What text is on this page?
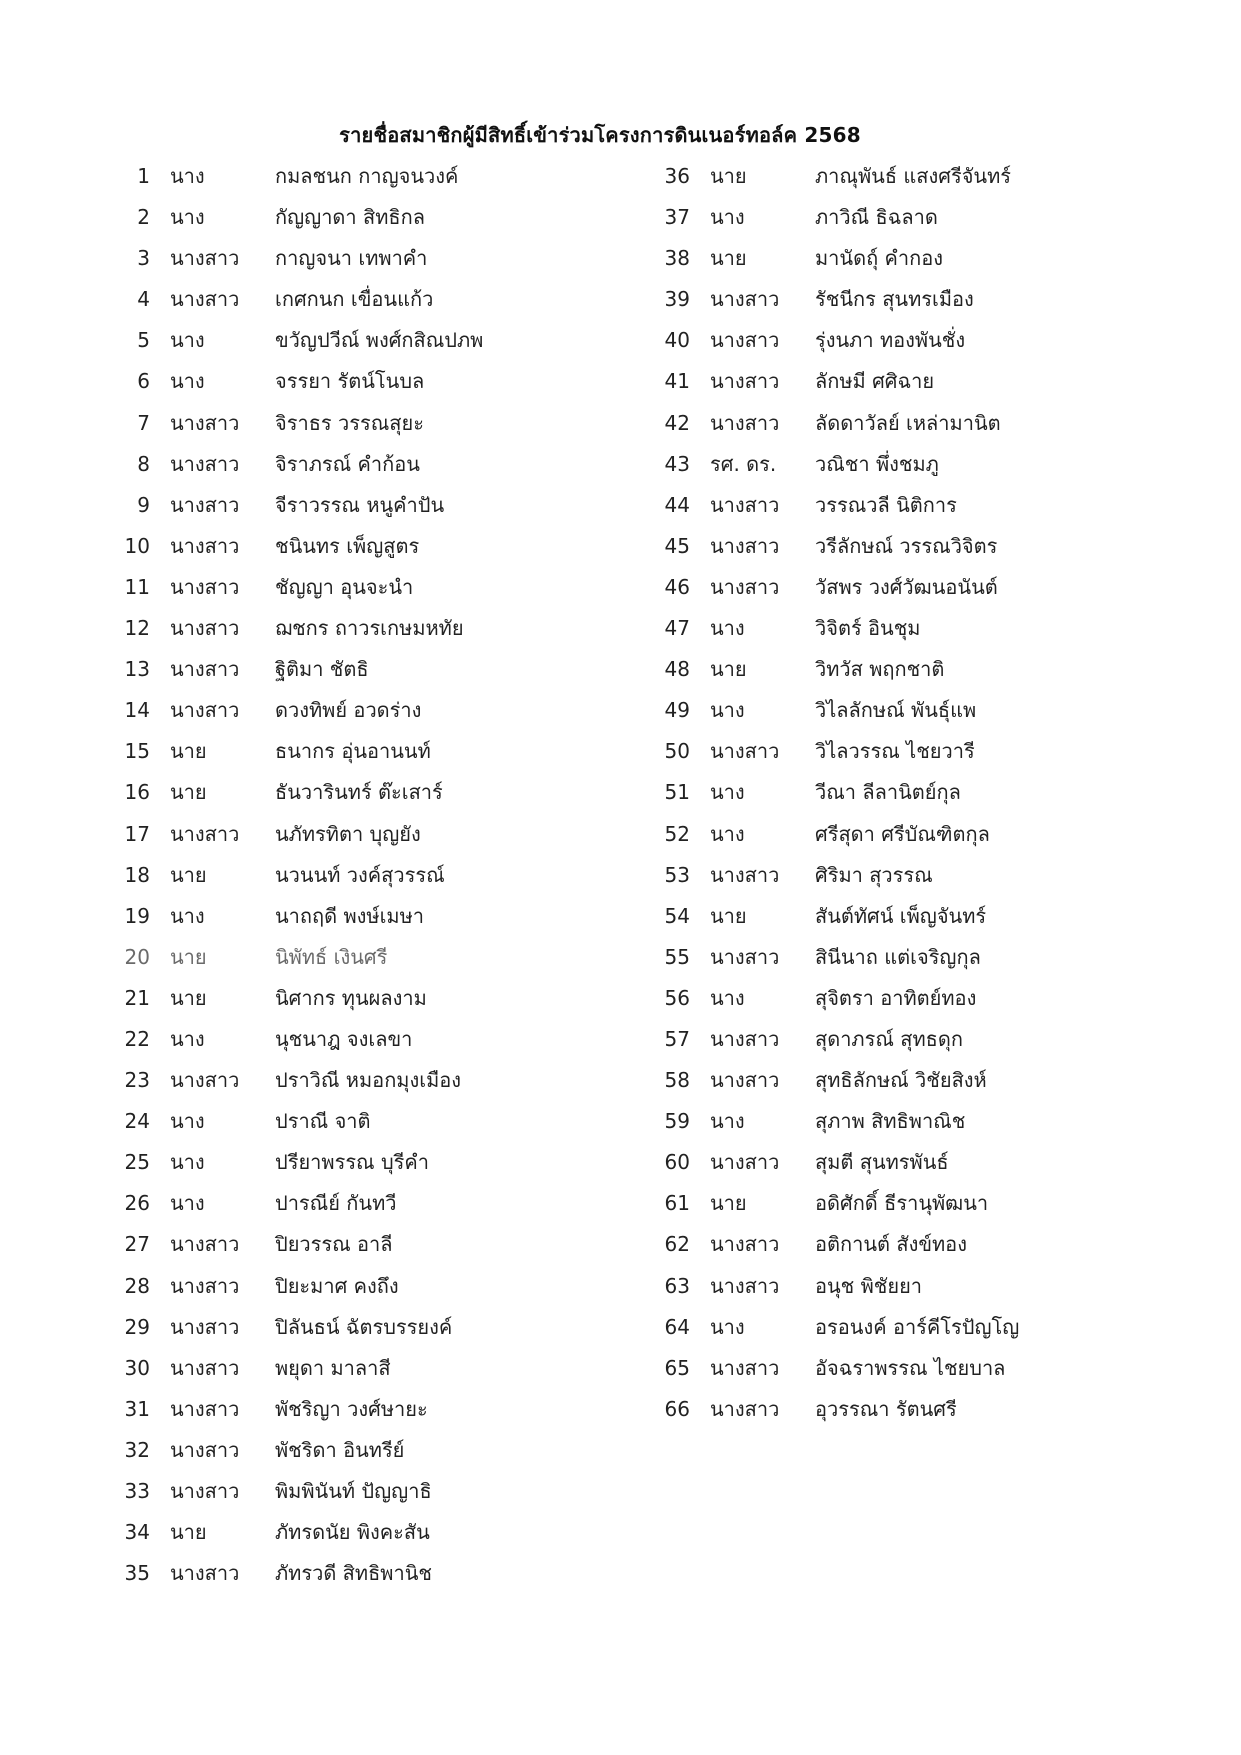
รายชื่อสมาชิกผู้มีสิทธิ์เข้าร่วมโครงการดินเนอร์ทอล์ค 2568
1 นาง	กมลชนก กาญจนวงค์
2 นาง	กัญญาดา สิทธิกล
3 นางสาว กาญจนา เทพาคำ
4 นางสาว เกศกนก เขื่อนแก้ว
5 นาง	ขวัญปวีณ์ พงศ์กสิณปภพ
6 นาง	จรรยา รัตน์โนบล
7 นางสาว จิราธร วรรณสุยะ
8 นางสาว จิราภรณ์ คำก้อน
9 นางสาว จีราวรรณ หนูคำปัน
10 นางสาว ชนินทร เพ็ญสูตร
11 นางสาว ชัญญา อุนจะนำ
12 นางสาว ฌชกร ถาวรเกษมหทัย
13 นางสาว ฐิติมา ชัตธิ
14 นางสาว ดวงทิพย์ อวดร่าง
15 นาย	ธนากร อุ่นอานนท์
16 นาย	ธันวารินทร์ ต๊ะเสาร์
17 นางสาว นภัทรทิตา บุญยัง
18 นาย	นวนนท์ วงค์สุวรรณ์
19 นาง	นาถฤดี พงษ์เมษา
20 นาย	นิพัทธ์ เงินศรี
21 นาย	นิศากร ทุนผลงาม
22 นาง	นุชนาฎ จงเลขา
23 นางสาว ปราวิณี หมอกมุงเมือง
24 นาง	ปราณี จาติ
25 นาง	ปรียาพรรณ บุรีคำ
26 นาง	ปารณีย์ กันทวี
27 นางสาว ปิยวรรณ อาลี
28 นางสาว ปิยะมาศ คงถึง
29 นางสาว ปิลันธน์ ฉัตรบรรยงค์
30 นางสาว พยุดา มาลาสี
31 นางสาว พัชริญา วงศ์ษายะ
32 นางสาว พัชริดา อินทรีย์
33 นางสาว พิมพินันท์ ปัญญาธิ
34 นาย	ภัทรดนัย พิงคะสัน
35 นางสาว ภัทรวดี สิทธิพานิช
36 นาย	ภาณุพันธ์ แสงศรีจันทร์
37 นาง	ภาวิณี ธิฉลาด
38 นาย	มานัดถุ์ คำกอง
39 นางสาว รัชนีกร สุนทรเมือง
40 นางสาว รุ่งนภา ทองพันชั่ง
41 นางสาว ลักษมี ศศิฉาย
42 นางสาว ลัดดาวัลย์ เหล่ามานิต
43 รศ. ดร. วณิชา พึ่งชมภู
44 นางสาว วรรณวลี นิติการ
45 นางสาว วรีลักษณ์ วรรณวิจิตร
46 นางสาว วัสพร วงศ์วัฒนอนันต์
47 นาง	วิจิตร์ อินชุม
48 นาย	วิทวัส พฤกชาติ
49 นาง	วิไลลักษณ์ พันธุ์แพ
50 นางสาว วิไลวรรณ ไชยวารี
51 นาง	วีณา ลีลานิตย์กุล
52 นาง	ศรีสุดา ศรีบัณฑิตกุล
53 นางสาว ศิริมา สุวรรณ
54 นาย	สันต์ทัศน์ เพ็ญจันทร์
55 นางสาว สินีนาถ แต่เจริญกุล
56 นาง	สุจิตรา อาทิตย์ทอง
57 นางสาว สุดาภรณ์ สุทธดุก
58 นางสาว สุทธิลักษณ์ วิชัยสิงห์
59 นาง	สุภาพ สิทธิพาณิช
60 นางสาว สุมตี สุนทรพันธ์
61 นาย	อดิศักดิ์ ธีรานุพัฒนา
62 นางสาว อติกานต์ สังข์ทอง
63 นางสาว อนุช พิชัยยา
64 นาง	อรอนงค์ อาร์คีโรปัญโญ
65 นางสาว อัจฉราพรรณ ไชยบาล
66 นางสาว อุวรรณา รัตนศรี
